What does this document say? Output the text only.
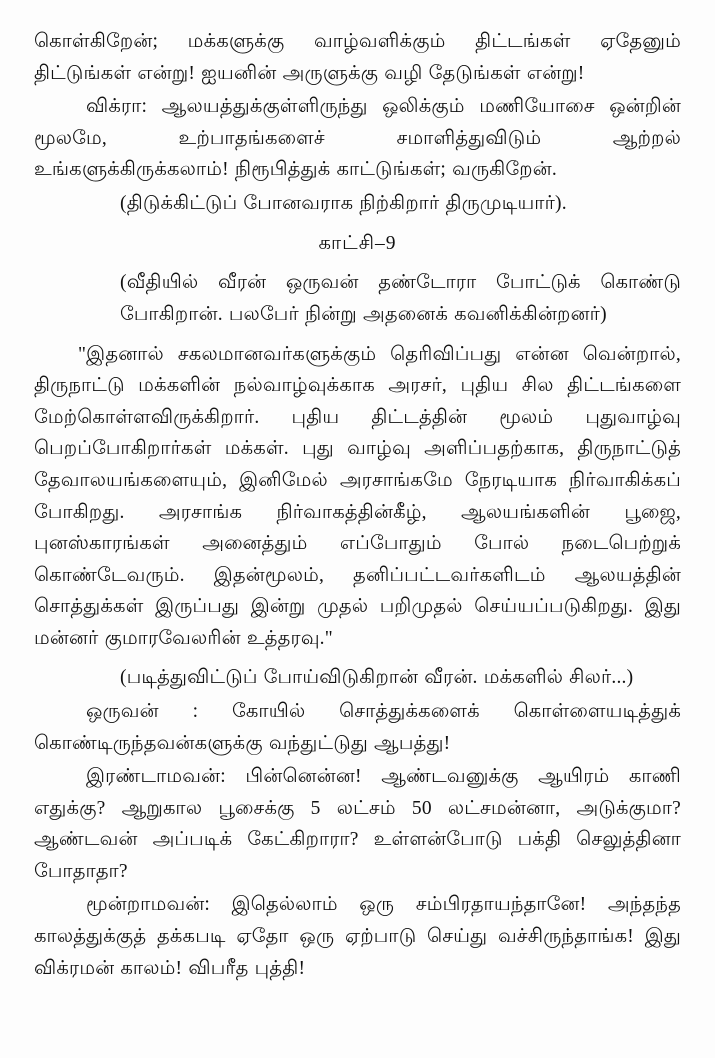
கொள்கிறேன்; மக்களுக்கு வாழ்வளிக்கும் திட்டங்கள் ஏதேனும் திட்டுங்கள் என்று! ஐயனின் அருளுக்கு வழி தேடுங்கள் என்று!

விக்ரா: ஆலயத்துக்குள்ளிருந்து ஒலிக்கும் மணியோசை ஒன்றின் மூலமே, உற்பாதங்களைச் சமாளித்துவிடும் ஆற்றல் உங்களுக்கிருக்கலாம்! நிரூபித்துக் காட்டுங்கள்; வருகிறேன்.

(திடுக்கிட்டுப் போனவராக நிற்கிறார் திருமுடியார்).

காட்சி–9

(வீதியில் வீரன் ஒருவன் தண்டோரா போட்டுக் கொண்டு போகிறான். பலபேர் நின்று அதனைக் கவனிக்கின்றனர்)

"இதனால் சகலமானவர்களுக்கும் தெரிவிப்பது என்ன வென்றால், திருநாட்டு மக்களின் நல்வாழ்வுக்காக அரசர், புதிய சில திட்டங்களை மேற்கொள்ளவிருக்கிறார். புதிய திட்டத்தின் மூலம் புதுவாழ்வு பெறப்போகிறார்கள் மக்கள். புது வாழ்வு அளிப்பதற்காக, திருநாட்டுத் தேவாலயங்களையும், இனிமேல் அரசாங்கமே நேரடியாக நிர்வாகிக்கப் போகிறது. அரசாங்க நிர்வாகத்தின்கீழ், ஆலயங்களின் பூஜை, புனஸ்காரங்கள் அனைத்தும் எப்போதும் போல் நடைபெற்றுக் கொண்டேவரும். இதன்மூலம், தனிப்பட்டவர்களிடம் ஆலயத்தின் சொத்துக்கள் இருப்பது இன்று முதல் பறிமுதல் செய்யப்படுகிறது. இது மன்னர் குமாரவேலரின் உத்தரவு."

(படித்துவிட்டுப் போய்விடுகிறான் வீரன். மக்களில் சிலர்...)

ஒருவன் : கோயில் சொத்துக்களைக் கொள்ளையடித்துக் கொண்டிருந்தவன்களுக்கு வந்துட்டுது ஆபத்து!

இரண்டாமவன்: பின்னென்ன! ஆண்டவனுக்கு ஆயிரம் காணி எதுக்கு? ஆறுகால பூசைக்கு 5 லட்சம் 50 லட்சமன்னா, அடுக்குமா? ஆண்டவன் அப்படிக் கேட்கிறாரா? உள்ளன்போடு பக்தி செலுத்தினா போதாதா?

மூன்றாமவன்: இதெல்லாம் ஒரு சம்பிரதாயந்தானே! அந்தந்த காலத்துக்குத் தக்கபடி ஏதோ ஒரு ஏற்பாடு செய்து வச்சிருந்தாங்க! இது விக்ரமன் காலம்! விபரீத புத்தி!
